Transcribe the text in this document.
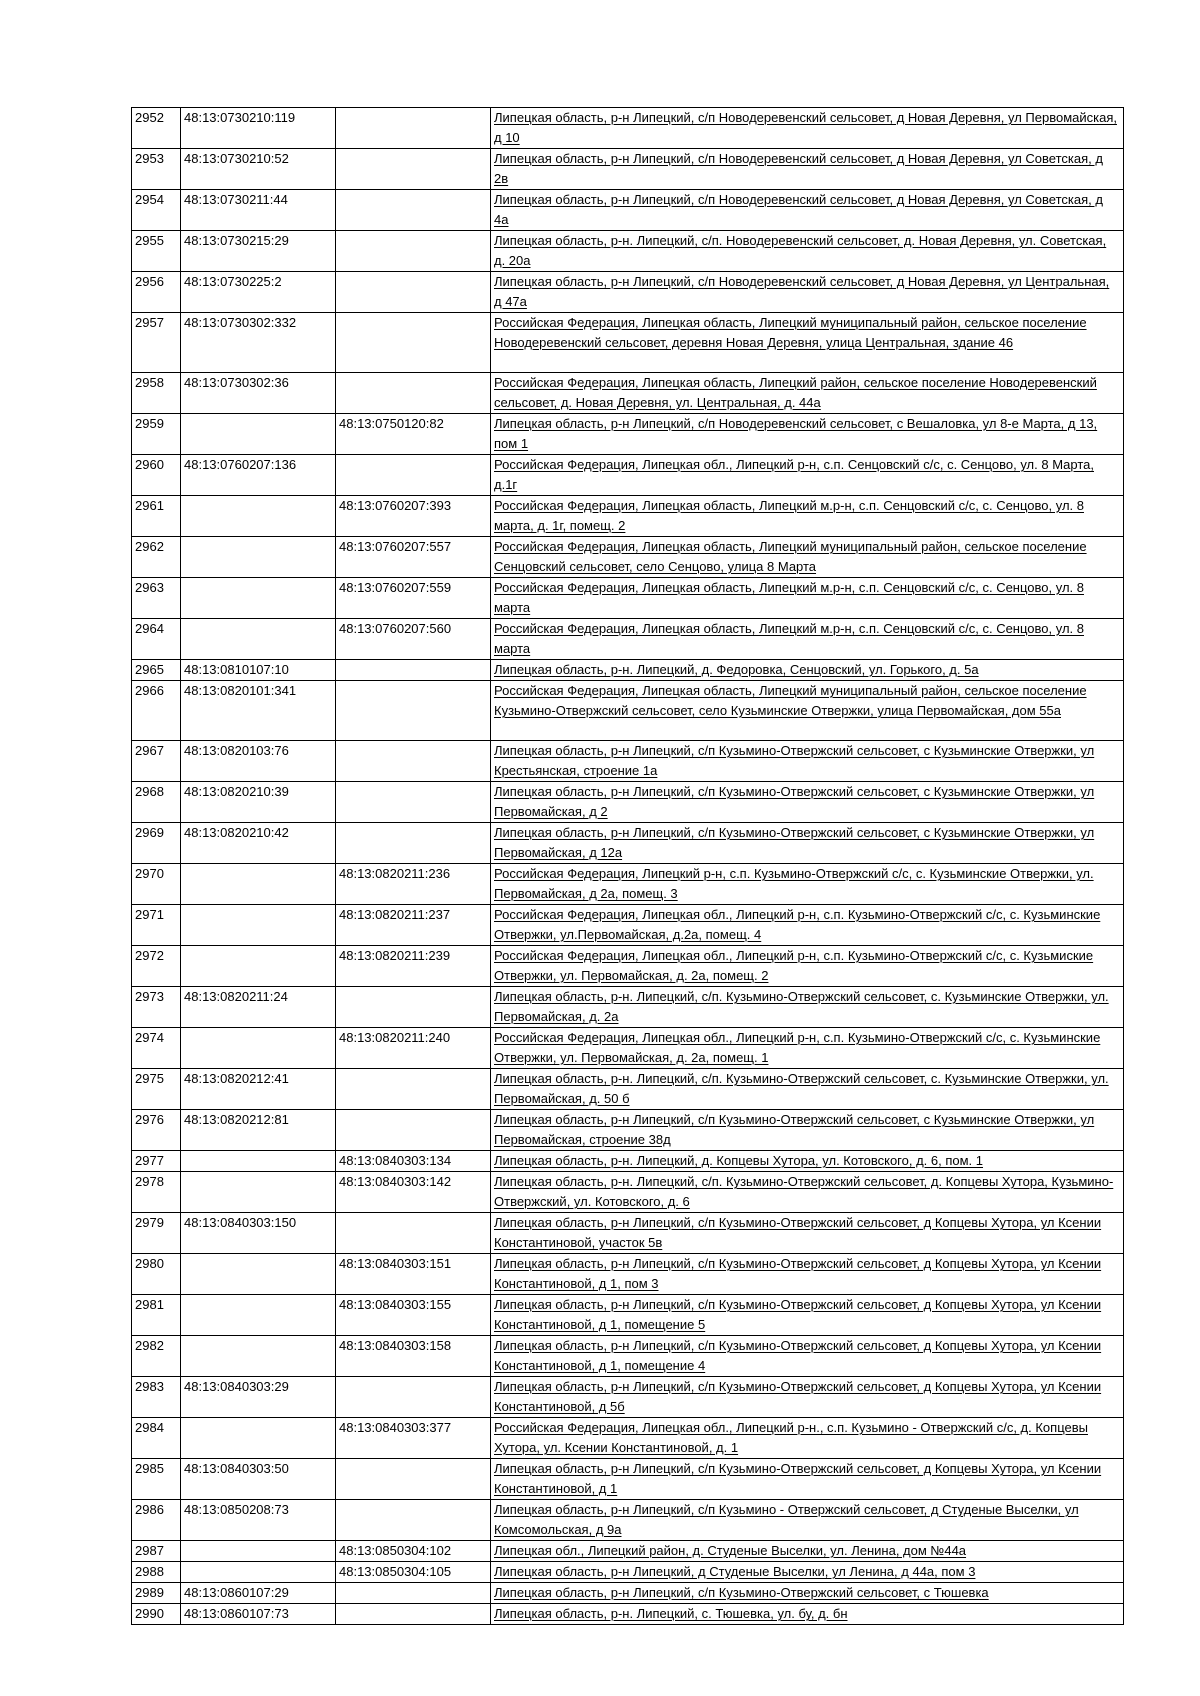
2952	48:13:0730210:119		Липецкая область, р-н Липецкий, с/п Новодеревенский сельсовет, д Новая Деревня, ул Первомайская, д 10
2953	48:13:0730210:52		Липецкая область, р-н Липецкий, с/п Новодеревенский сельсовет, д Новая Деревня, ул Советская, д 2в
2954	48:13:0730211:44		Липецкая область, р-н Липецкий, с/п Новодеревенский сельсовет, д Новая Деревня, ул Советская, д 4а
2955	48:13:0730215:29		Липецкая область, р-н. Липецкий, с/п. Новодеревенский сельсовет, д. Новая Деревня, ул. Советская, д. 20а
2956	48:13:0730225:2		Липецкая область, р-н Липецкий, с/п Новодеревенский сельсовет, д Новая Деревня, ул Центральная, д 47а
2957	48:13:0730302:332		Российская Федерация, Липецкая область, Липецкий муниципальный район, сельское поселение Новодеревенский сельсовет, деревня Новая Деревня, улица Центральная, здание 46
2958	48:13:0730302:36		Российская Федерация, Липецкая область, Липецкий район, сельское поселение Новодеревенский сельсовет, д. Новая Деревня, ул. Центральная, д. 44а
2959		48:13:0750120:82	Липецкая область, р-н Липецкий, с/п Новодеревенский сельсовет, с Вешаловка, ул 8-е Марта, д 13, пом 1
2960	48:13:0760207:136		Российская Федерация, Липецкая обл., Липецкий р-н, с.п. Сенцовский с/с, с. Сенцово, ул. 8 Марта, д.1г
2961		48:13:0760207:393	Российская Федерация, Липецкая область, Липецкий м.р-н, с.п. Сенцовский с/с, с. Сенцово, ул. 8 марта, д. 1г, помещ. 2
2962		48:13:0760207:557	Российская Федерация, Липецкая область, Липецкий муниципальный район, сельское поселение Сенцовский сельсовет, село Сенцово, улица 8 Марта
2963		48:13:0760207:559	Российская Федерация, Липецкая область, Липецкий м.р-н, с.п. Сенцовский с/с, с. Сенцово, ул. 8 марта
2964		48:13:0760207:560	Российская Федерация, Липецкая область, Липецкий м.р-н, с.п. Сенцовский с/с, с. Сенцово, ул. 8 марта
2965	48:13:0810107:10		Липецкая область, р-н. Липецкий, д. Федоровка, Сенцовский, ул. Горького, д. 5а
2966	48:13:0820101:341		Российская Федерация, Липецкая область, Липецкий муниципальный район, сельское поселение Кузьмино-Отвержский сельсовет, село Кузьминские Отвержки, улица Первомайская, дом 55а
2967	48:13:0820103:76		Липецкая область, р-н Липецкий, с/п Кузьмино-Отвержский сельсовет, с Кузьминские Отвержки, ул Крестьянская, строение 1а
2968	48:13:0820210:39		Липецкая область, р-н Липецкий, с/п Кузьмино-Отвержский сельсовет, с Кузьминские Отвержки, ул Первомайская, д 2
2969	48:13:0820210:42		Липецкая область, р-н Липецкий, с/п Кузьмино-Отвержский сельсовет, с Кузьминские Отвержки, ул Первомайская, д 12а
2970		48:13:0820211:236	Российская Федерация, Липецкий р-н, с.п. Кузьмино-Отвержский с/с, с. Кузьминские Отвержки, ул. Первомайская, д 2а, помещ. 3
2971		48:13:0820211:237	Российская Федерация, Липецкая обл., Липецкий р-н, с.п. Кузьмино-Отвержский с/с, с. Кузьминские Отвержки, ул.Первомайская, д.2а, помещ. 4
2972		48:13:0820211:239	Российская Федерация, Липецкая обл., Липецкий р-н, с.п. Кузьмино-Отвержский с/с, с. Кузьмиские Отвержки, ул. Первомайская, д. 2а, помещ. 2
2973	48:13:0820211:24		Липецкая область, р-н. Липецкий, с/п. Кузьмино-Отвержский сельсовет, с. Кузьминские Отвержки, ул. Первомайская, д. 2а
2974		48:13:0820211:240	Российская Федерация, Липецкая обл., Липецкий р-н, с.п. Кузьмино-Отвержский с/с, с. Кузьминские Отвержки, ул. Первомайская, д. 2а, помещ. 1
2975	48:13:0820212:41		Липецкая область, р-н. Липецкий, с/п. Кузьмино-Отвержский сельсовет, с. Кузьминские Отвержки, ул. Первомайская, д. 50 б
2976	48:13:0820212:81		Липецкая область, р-н Липецкий, с/п Кузьмино-Отвержский сельсовет, с Кузьминские Отвержки, ул Первомайская, строение 38д
2977		48:13:0840303:134	Липецкая область, р-н. Липецкий, д. Копцевы Хутора, ул. Котовского, д. 6, пом. 1
2978		48:13:0840303:142	Липецкая область, р-н. Липецкий, с/п. Кузьмино-Отвержский сельсовет, д. Копцевы Хутора, Кузьмино-Отвержский, ул. Котовского, д. 6
2979	48:13:0840303:150		Липецкая область, р-н Липецкий, с/п Кузьмино-Отвержский сельсовет, д Копцевы Хутора, ул Ксении Константиновой, участок 5в
2980		48:13:0840303:151	Липецкая область, р-н Липецкий, с/п Кузьмино-Отвержский сельсовет, д Копцевы Хутора, ул Ксении Константиновой, д 1, пом 3
2981		48:13:0840303:155	Липецкая область, р-н Липецкий, с/п Кузьмино-Отвержский сельсовет, д Копцевы Хутора, ул Ксении Константиновой, д 1, помещение 5
2982		48:13:0840303:158	Липецкая область, р-н Липецкий, с/п Кузьмино-Отвержский сельсовет, д Копцевы Хутора, ул Ксении Константиновой, д 1, помещение 4
2983	48:13:0840303:29		Липецкая область, р-н Липецкий, с/п Кузьмино-Отвержский сельсовет, д Копцевы Хутора, ул Ксении Константиновой, д 5б
2984		48:13:0840303:377	Российская Федерация, Липецкая обл., Липецкий р-н., с.п. Кузьмино - Отвержский с/с, д. Копцевы Хутора, ул. Ксении Константиновой, д. 1
2985	48:13:0840303:50		Липецкая область, р-н Липецкий, с/п Кузьмино-Отвержский сельсовет, д Копцевы Хутора, ул Ксении Константиновой, д 1
2986	48:13:0850208:73		Липецкая область, р-н Липецкий, с/п Кузьмино - Отвержский сельсовет, д Студеные Выселки, ул Комсомольская, д 9а
2987		48:13:0850304:102	Липецкая обл., Липецкий район, д. Студеные Выселки, ул. Ленина, дом №44а
2988		48:13:0850304:105	Липецкая область, р-н Липецкий, д Студеные Выселки, ул Ленина, д 44а, пом 3
2989	48:13:0860107:29		Липецкая область, р-н Липецкий, с/п Кузьмино-Отвержский сельсовет, с Тюшевка
2990	48:13:0860107:73		Липецкая область, р-н. Липецкий, с. Тюшевка, ул. бу, д. бн
